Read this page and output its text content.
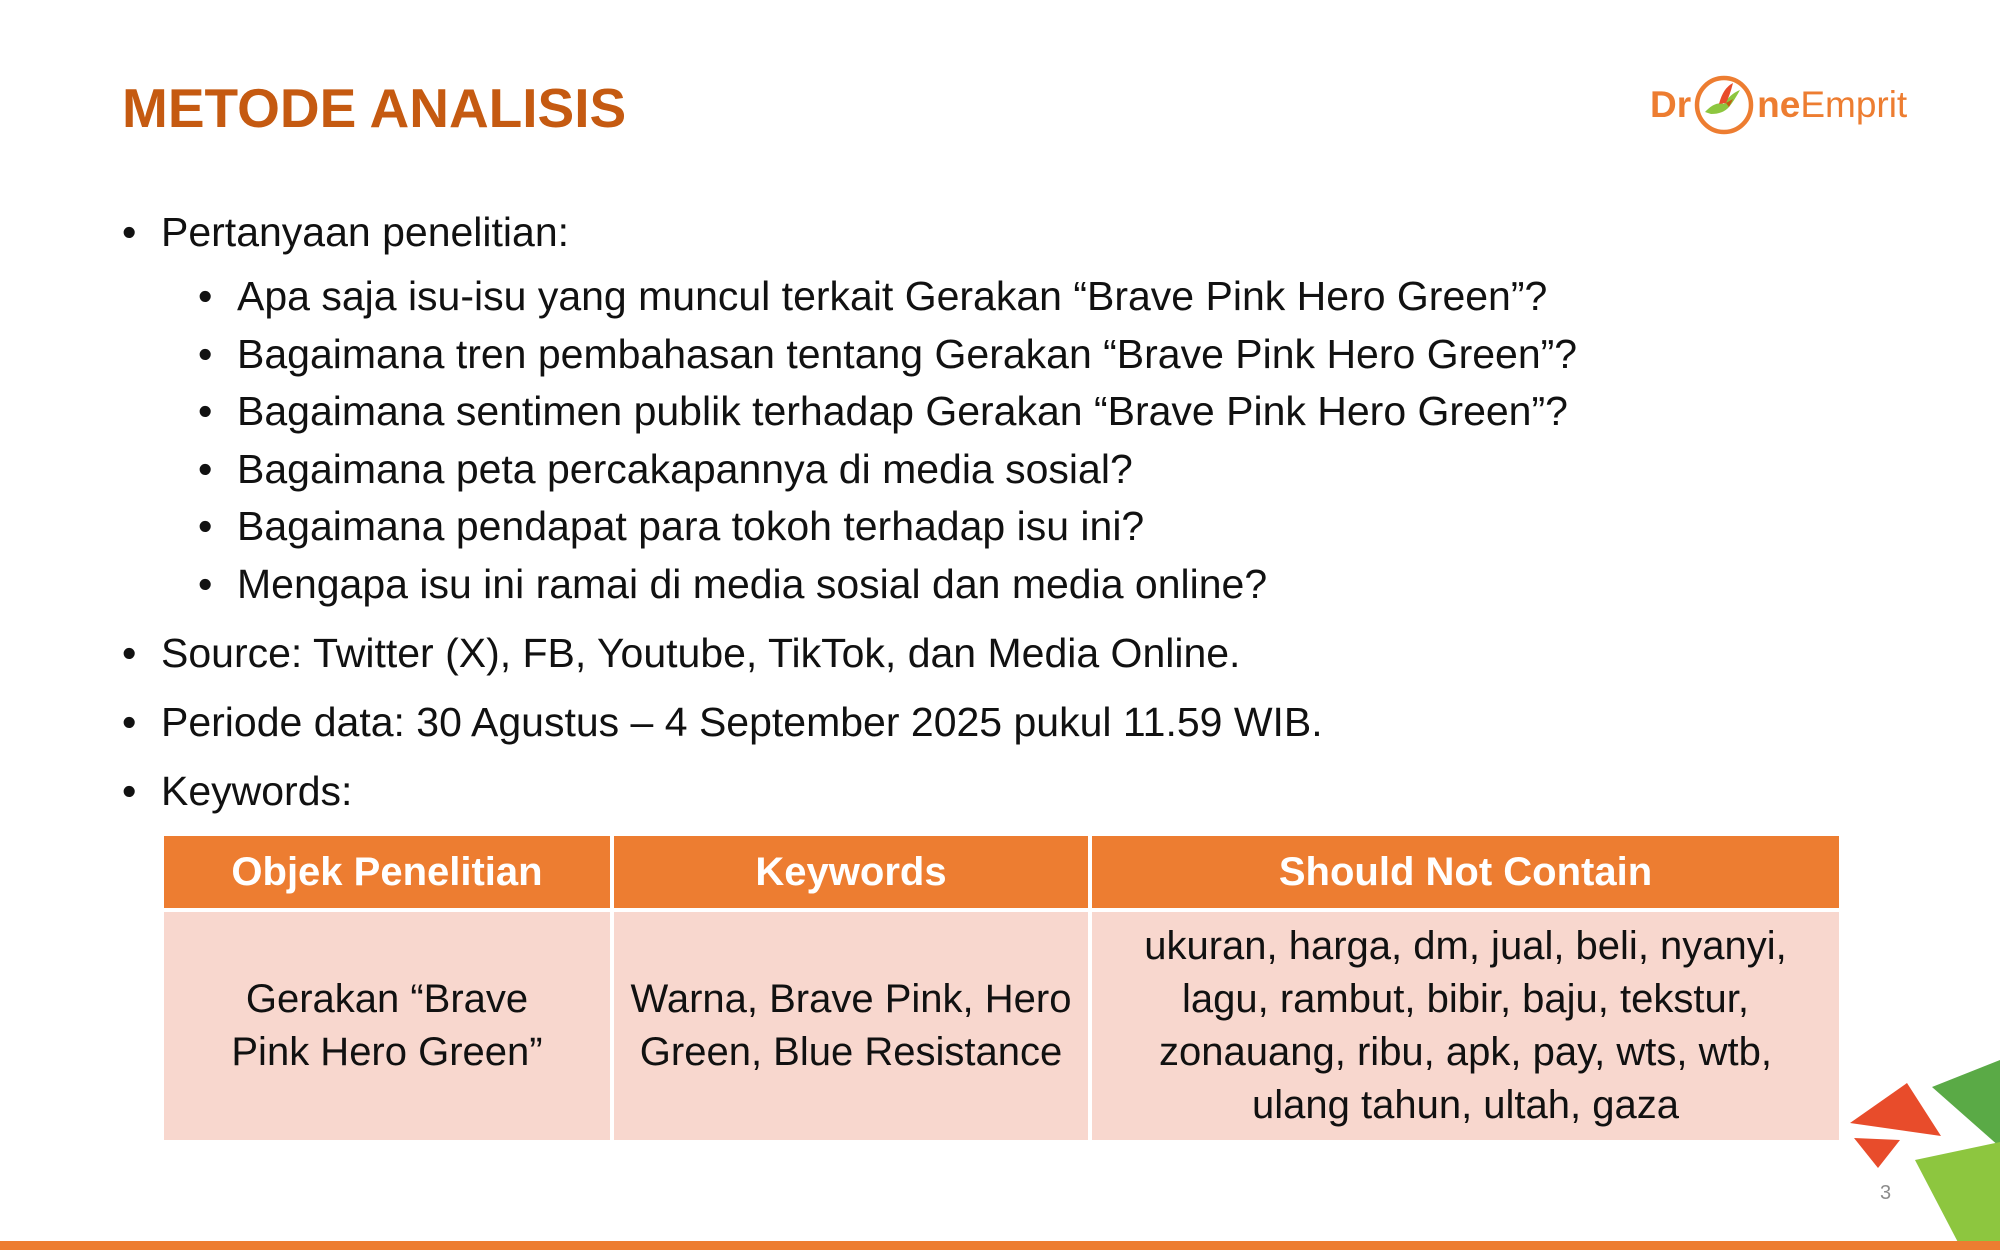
METODE ANALISIS	Dr ne Emprit
• Pertanyaan penelitian:
• Apa saja isu-isu yang muncul terkait Gerakan “Brave Pink Hero Green”?
• Bagaimana tren pembahasan tentang Gerakan “Brave Pink Hero Green”?
• Bagaimana sentimen publik terhadap Gerakan “Brave Pink Hero Green”?
• Bagaimana peta percakapannya di media sosial?
• Bagaimana pendapat para tokoh terhadap isu ini?
• Mengapa isu ini ramai di media sosial dan media online?
• Source: Twitter (X), FB, Youtube, TikTok, dan Media Online.
• Periode data: 30 Agustus – 4 September 2025 pukul 11.59 WIB.
• Keywords:
Objek Penelitian	Keywords	Should Not Contain
Gerakan “Brave Pink Hero Green”	Warna, Brave Pink, Hero Green, Blue Resistance	ukuran, harga, dm, jual, beli, nyanyi, lagu, rambut, bibir, baju, tekstur, zonauang, ribu, apk, pay, wts, wtb, ulang tahun, ultah, gaza
3
